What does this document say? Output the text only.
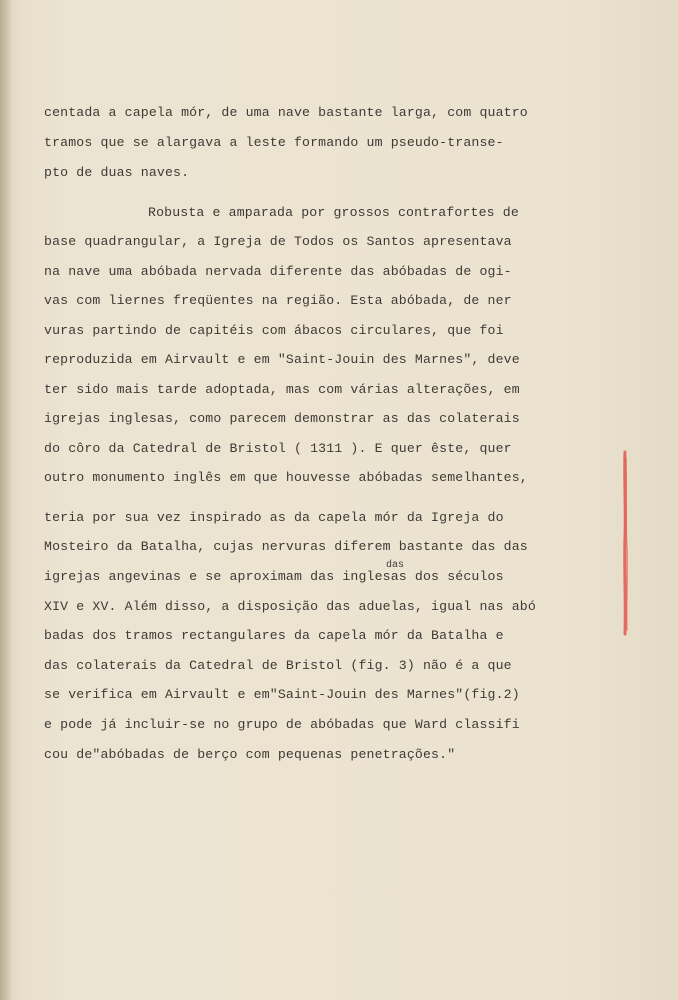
centada a capela mór, de uma nave bastante larga, com quatro
tramos que se alargava a leste formando um pseudo-transe-
pto de duas naves.
Robusta e amparada por grossos contrafortes de
base quadrangular, a Igreja de Todos os Santos apresentava
na nave uma abóbada nervada diferente das abóbadas de ogi-
vas com liernes freqüentes na região. Esta abóbada, de ner
vuras partindo de capitéis com ábacos circulares, que foi
reproduzida em Airvault e em "Saint-Jouin des Marnes", deve
ter sido mais tarde adoptada, mas com várias alterações, em
igrejas inglesas, como parecem demonstrar as das colaterais
do côro da Catedral de Bristol ( 1311 ). E quer êste, quer
outro monumento inglês em que houvesse abóbadas semelhantes,
teria por sua vez inspirado as da capela mór da Igreja do
Mosteiro da Batalha, cujas nervuras diferem bastante das das
igrejas angevinas e se aproximam das inglesas dos séculos
XIV e XV. Além disso, a disposição das aduelas, igual nas abó
badas dos tramos rectangulares da capela mór da Batalha e
das colaterais da Catedral de Bristol (fig. 3) não é a que
se verifica em Airvault e em"Saint-Jouin des Marnes"(fig.2)
e pode já incluir-se no grupo de abóbadas que Ward classifi
cou de"abóbadas de berço com pequenas penetrações."
das
